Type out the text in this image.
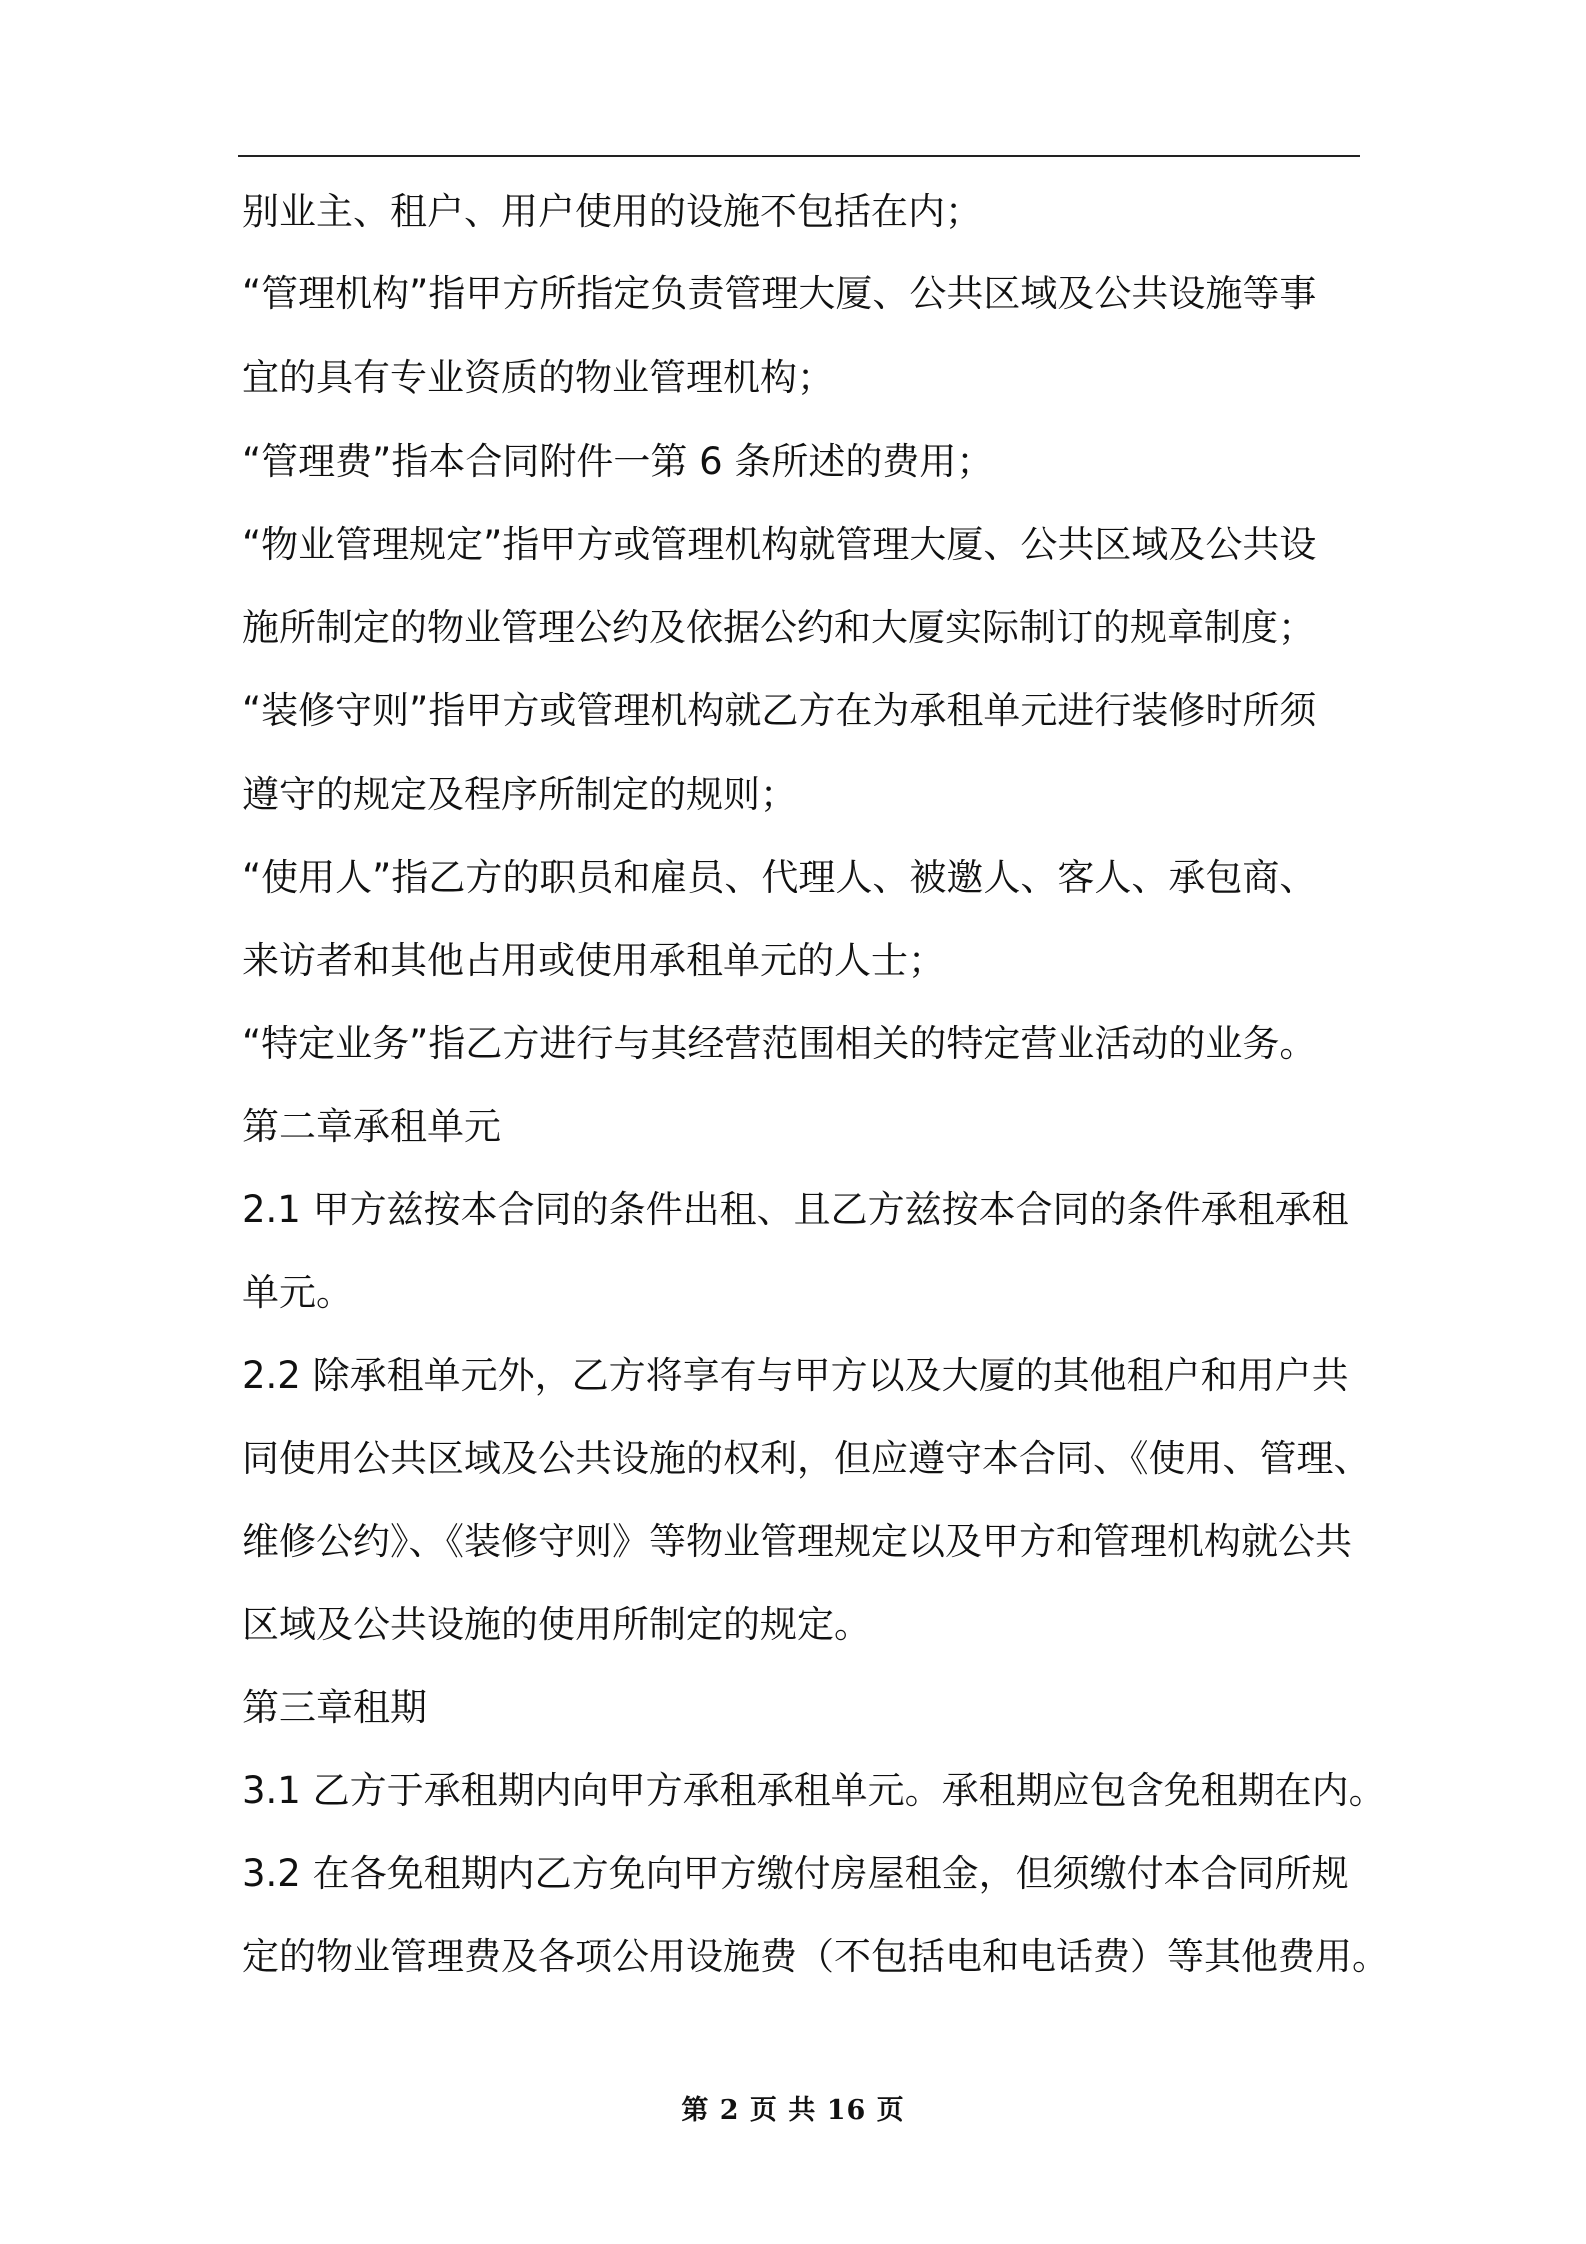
别业主、租户、用户使用的设施不包括在内；
“管理机构”指甲方所指定负责管理大厦、公共区域及公共设施等事
宜的具有专业资质的物业管理机构；
“管理费”指本合同附件一第 6 条所述的费用；
“物业管理规定”指甲方或管理机构就管理大厦、公共区域及公共设
施所制定的物业管理公约及依据公约和大厦实际制订的规章制度；
“装修守则”指甲方或管理机构就乙方在为承租单元进行装修时所须
遵守的规定及程序所制定的规则；
“使用人”指乙方的职员和雇员、代理人、被邀人、客人、承包商、
来访者和其他占用或使用承租单元的人士；
“特定业务”指乙方进行与其经营范围相关的特定营业活动的业务。
第二章承租单元
2.1 甲方兹按本合同的条件出租、且乙方兹按本合同的条件承租承租
单元。
2.2 除承租单元外，乙方将享有与甲方以及大厦的其他租户和用户共
同使用公共区域及公共设施的权利，但应遵守本合同、《使用、管理、
维修公约》、《装修守则》等物业管理规定以及甲方和管理机构就公共
区域及公共设施的使用所制定的规定。
第三章租期
3.1 乙方于承租期内向甲方承租承租单元。承租期应包含免租期在内。
3.2 在各免租期内乙方免向甲方缴付房屋租金，但须缴付本合同所规
定的物业管理费及各项公用设施费（不包括电和电话费）等其他费用。
第 2 页 共 16 页
